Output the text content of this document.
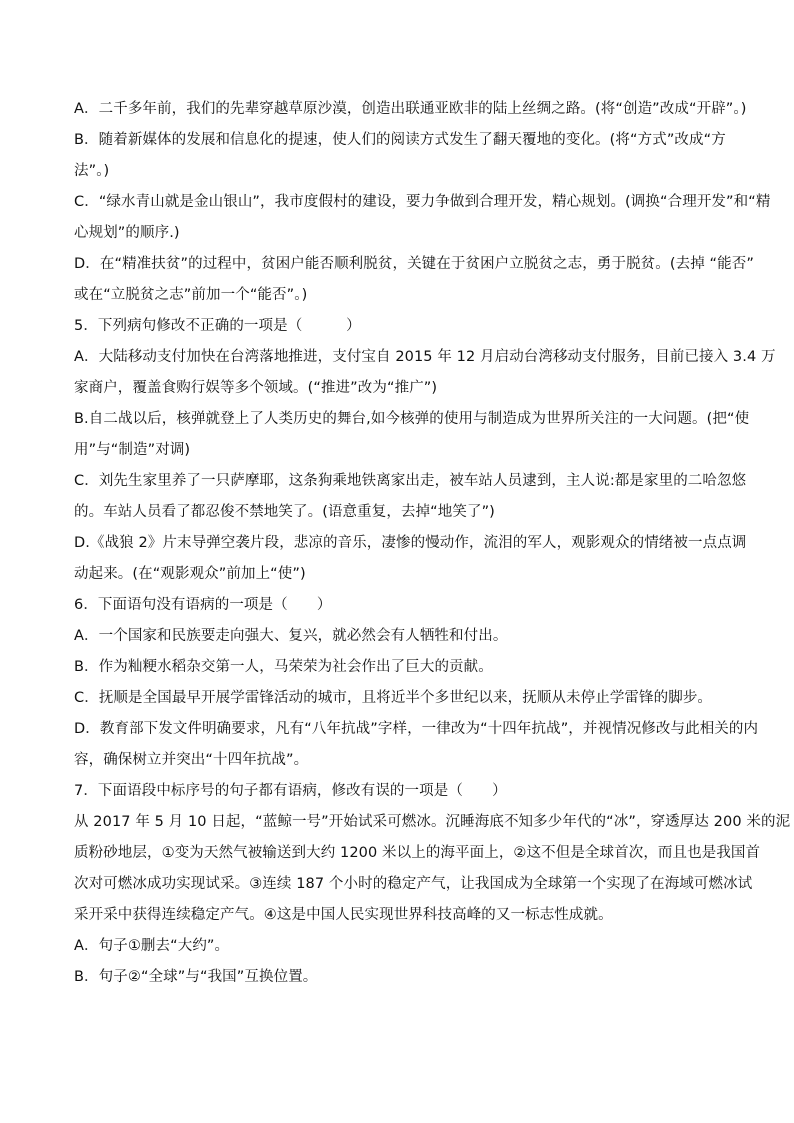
A．二千多年前，我们的先辈穿越草原沙漠，创造出联通亚欧非的陆上丝绸之路。(将“创造”改成“开辟”。)
B．随着新媒体的发展和信息化的提速，使人们的阅读方式发生了翻天覆地的变化。(将“方式”改成“方
法”。)
C．“绿水青山就是金山银山”，我市度假村的建设，要力争做到合理开发，精心规划。(调换“合理开发”和“精
心规划”的顺序.)
D．在“精准扶贫”的过程中，贫困户能否顺利脱贫，关键在于贫困户立脱贫之志，勇于脱贫。(去掉 “能否”
或在“立脱贫之志”前加一个“能否”。)
5．下列病句修改不正确的一项是（　　　）
A．大陆移动支付加快在台湾落地推进，支付宝自 2015 年 12 月启动台湾移动支付服务，目前已接入 3.4 万
家商户，覆盖食购行娱等多个领域。(“推进”改为“推广”)
B.自二战以后，核弹就登上了人类历史的舞台,如今核弹的使用与制造成为世界所关注的一大问题。(把“使
用”与“制造”对调)
C．刘先生家里养了一只萨摩耶，这条狗乘地铁离家出走，被车站人员逮到，主人说:都是家里的二哈忽悠
的。车站人员看了都忍俊不禁地笑了。(语意重复，去掉“地笑了”)
D.《战狼 2》片末导弹空袭片段，悲凉的音乐，凄惨的慢动作，流泪的军人，观影观众的情绪被一点点调
动起来。(在“观影观众”前加上“使”)
6．下面语句没有语病的一项是（　　）
A．一个国家和民族要走向强大、复兴，就必然会有人牺牲和付出。
B．作为籼粳水稻杂交第一人，马荣荣为社会作出了巨大的贡献。
C．抚顺是全国最早开展学雷锋活动的城市，且将近半个多世纪以来，抚顺从未停止学雷锋的脚步。
D．教育部下发文件明确要求，凡有“八年抗战”字样，一律改为“十四年抗战”，并视情况修改与此相关的内
容，确保树立并突出“十四年抗战”。
7．下面语段中标序号的句子都有语病，修改有误的一项是（　　）
从 2017 年 5 月 10 日起，“蓝鲸一号”开始试采可燃冰。沉睡海底不知多少年代的“冰”，穿透厚达 200 米的泥
质粉砂地层，①变为天然气被输送到大约 1200 米以上的海平面上，②这不但是全球首次，而且也是我国首
次对可燃冰成功实现试采。③连续 187 个小时的稳定产气，让我国成为全球第一个实现了在海域可燃冰试
采开采中获得连续稳定产气。④这是中国人民实现世界科技高峰的又一标志性成就。
A．句子①删去“大约”。
B．句子②“全球”与“我国”互换位置。
